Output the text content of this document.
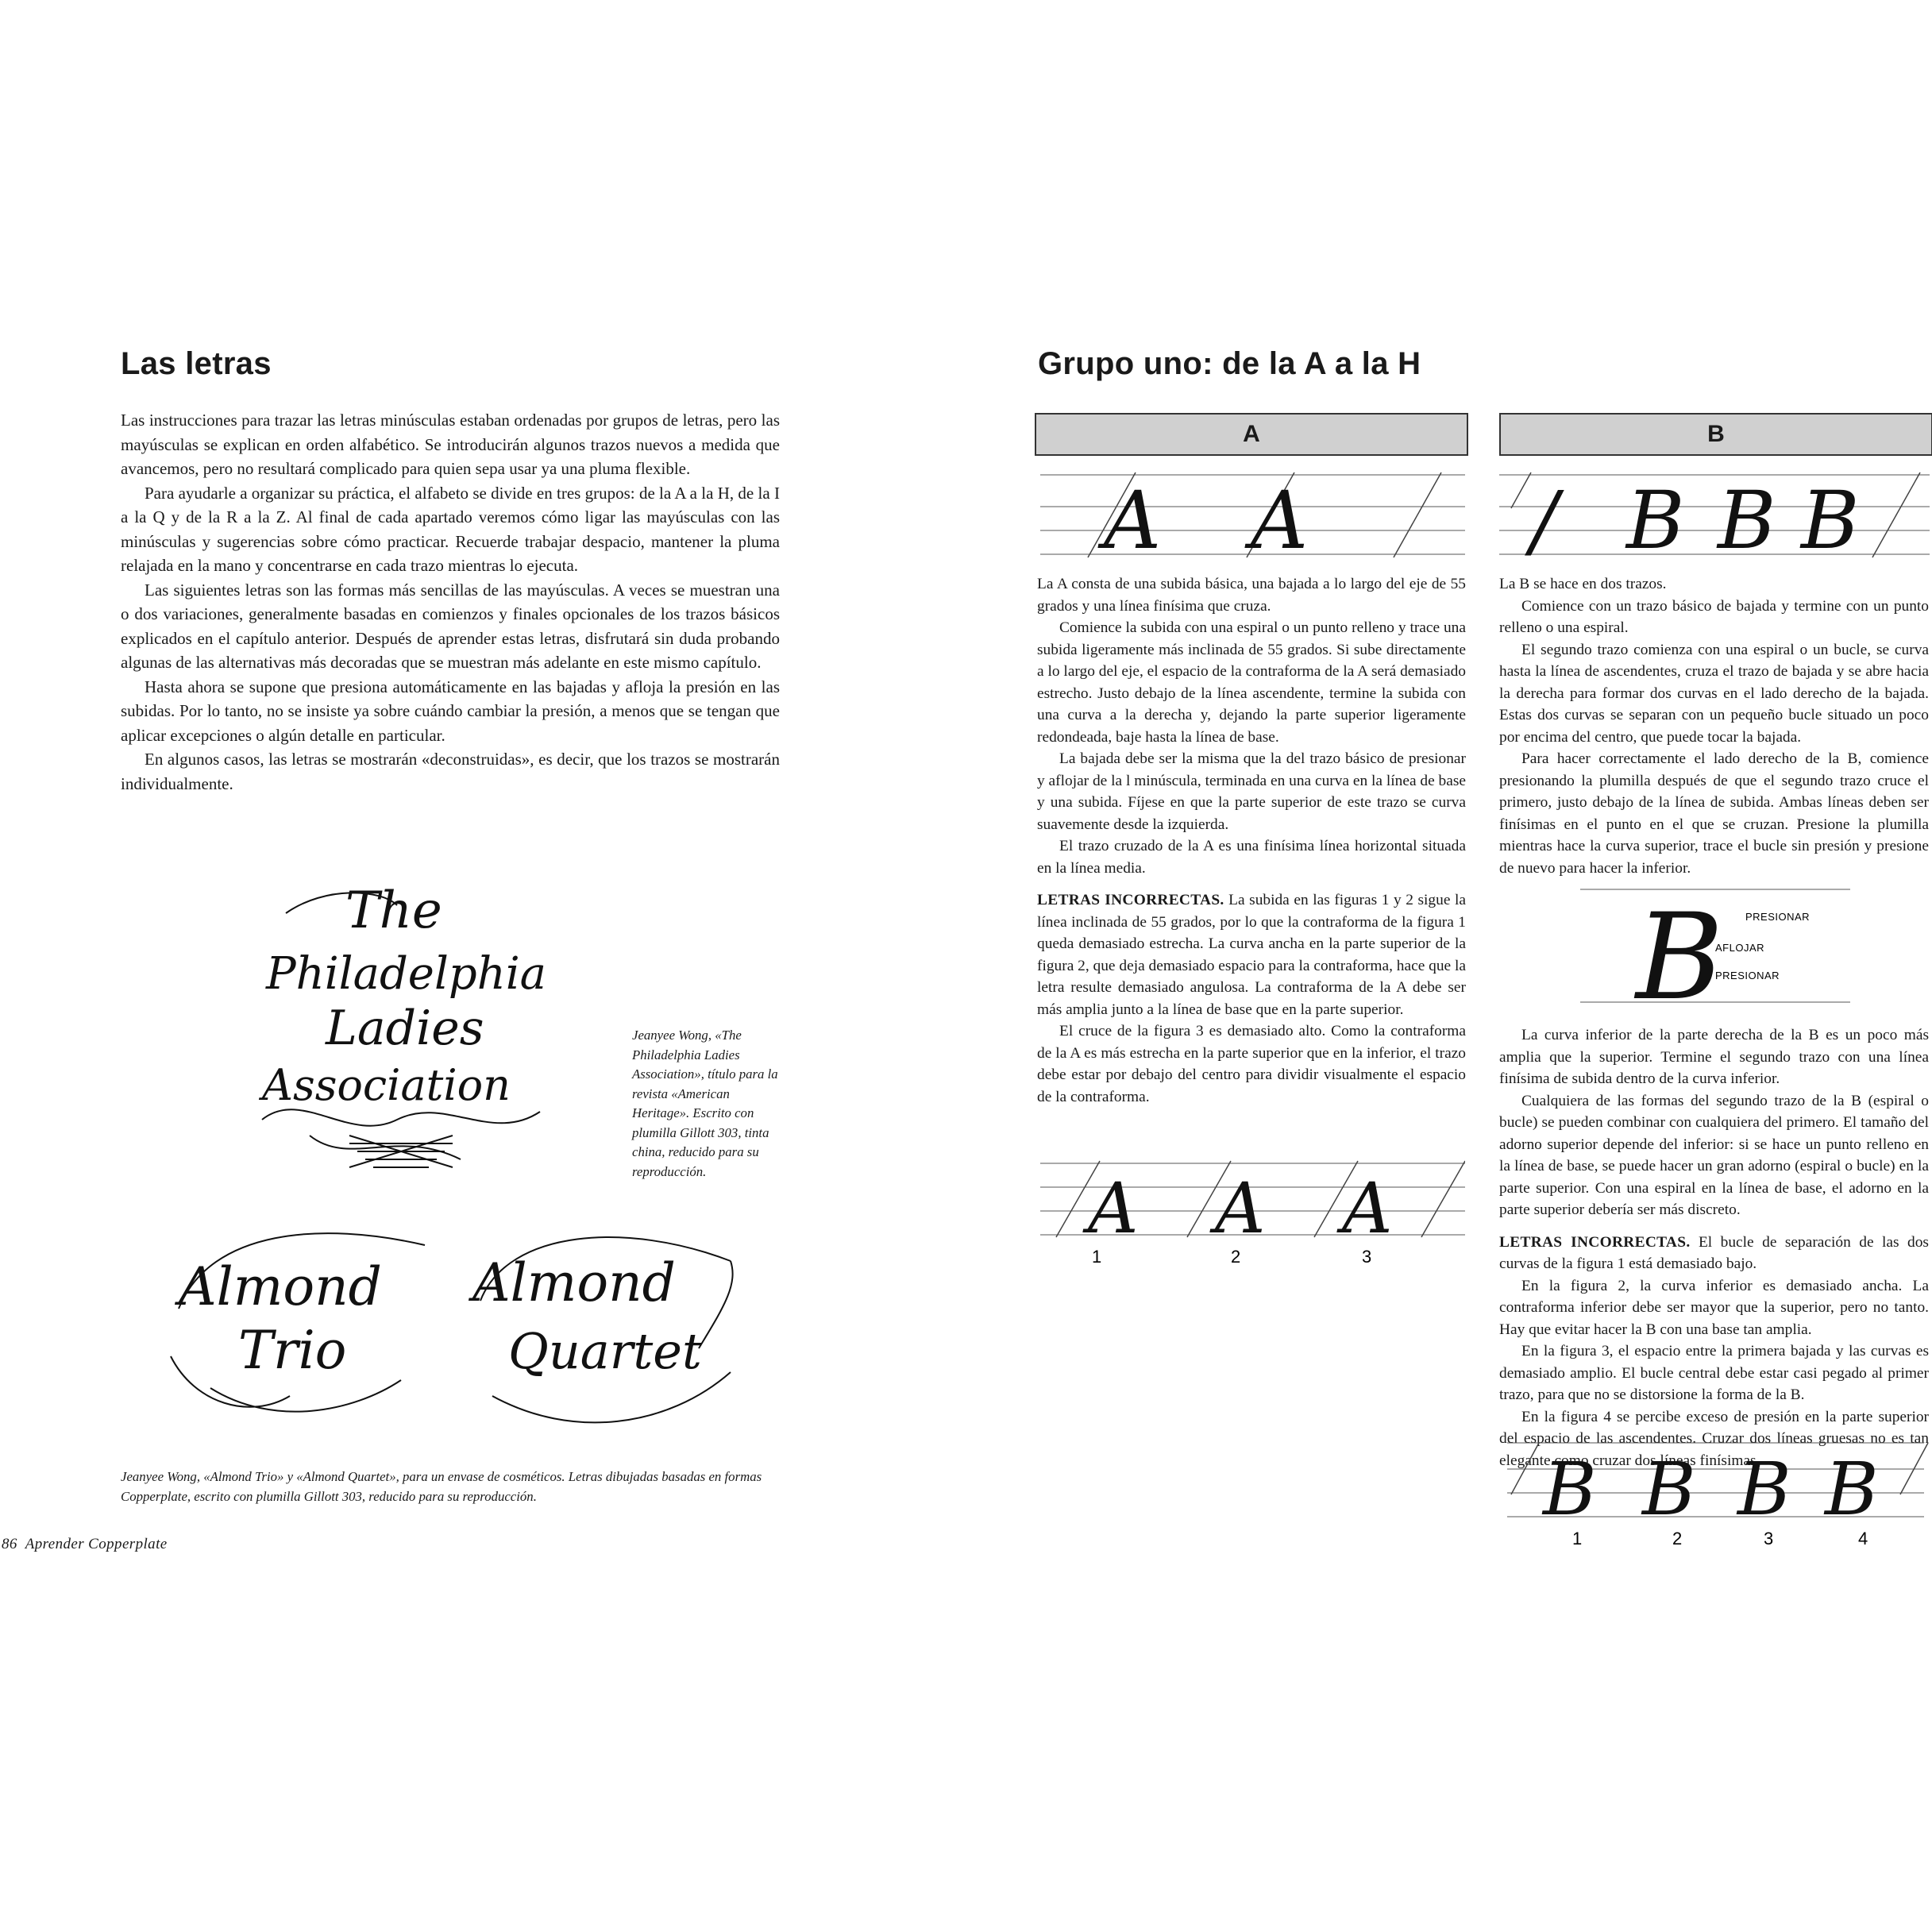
Las letras

Las instrucciones para trazar las letras minúsculas estaban ordenadas por grupos de letras, pero las mayúsculas se explican en orden alfabético. Se introducirán algunos trazos nuevos a medida que avancemos, pero no resultará complicado para quien sepa usar ya una pluma flexible.

Para ayudarle a organizar su práctica, el alfabeto se divide en tres grupos: de la A a la H, de la I a la Q y de la R a la Z. Al final de cada apartado veremos cómo ligar las mayúsculas con las minúsculas y sugerencias sobre cómo practicar. Recuerde trabajar despacio, mantener la pluma relajada en la mano y concentrarse en cada trazo mientras lo ejecuta.

Las siguientes letras son las formas más sencillas de las mayúsculas. A veces se muestran una o dos variaciones, generalmente basadas en comienzos y finales opcionales de los trazos básicos explicados en el capítulo anterior. Después de aprender estas letras, disfrutará sin duda probando algunas de las alternativas más decoradas que se muestran más adelante en este mismo capítulo.

Hasta ahora se supone que presiona automáticamente en las bajadas y afloja la presión en las subidas. Por lo tanto, no se insiste ya sobre cuándo cambiar la presión, a menos que se tengan que aplicar excepciones o algún detalle en particular.

En algunos casos, las letras se mostrarán «deconstruidas», es decir, que los trazos se mostrarán individualmente.

The
Philadelphia
Ladies
Association
Jeanyee Wong, «The Philadelphia Ladies Association», título para la revista «American Heritage». Escrito con plumilla Gillott 303, tinta china, reducido para su reproducción.
Almond
Trio
Almond
Quartet
Jeanyee Wong, «Almond Trio» y «Almond Quartet», para un envase de cosméticos. Letras dibujadas basadas en formas Copperplate, escrito con plumilla Gillott 303, reducido para su reproducción.
86 Aprender Copperplate
Grupo uno: de la A a la H
A
A A

La A consta de una subida básica, una bajada a lo largo del eje de 55 grados y una línea finísima que cruza.

Comience la subida con una espiral o un punto relleno y trace una subida ligeramente más inclinada de 55 grados. Si sube directamente a lo largo del eje, el espacio de la contraforma de la A será demasiado estrecho. Justo debajo de la línea ascendente, termine la subida con una curva a la derecha y, dejando la parte superior ligeramente redondeada, baje hasta la línea de base.

La bajada debe ser la misma que la del trazo básico de presionar y aflojar de la l minúscula, terminada en una curva en la línea de base y una subida. Fíjese en que la parte superior de este trazo se curva suavemente desde la izquierda.

El trazo cruzado de la A es una finísima línea horizontal situada en la línea media.

LETRAS INCORRECTAS. La subida en las figuras 1 y 2 sigue la línea inclinada de 55 grados, por lo que la contraforma de la figura 1 queda demasiado estrecha. La curva ancha en la parte superior de la figura 2, que deja demasiado espacio para la contraforma, hace que la letra resulte demasiado angulosa. La contraforma de la A debe ser más amplia junto a la línea de base que en la parte superior.

El cruce de la figura 3 es demasiado alto. Como la contraforma de la A es más estrecha en la parte superior que en la inferior, el trazo debe estar por debajo del centro para dividir visualmente el espacio de la contraforma.

A A A
1	2	3
B
/ B B B

La B se hace en dos trazos.

Comience con un trazo básico de bajada y termine con un punto relleno o una espiral.

El segundo trazo comienza con una espiral o un bucle, se curva hasta la línea de ascendentes, cruza el trazo de bajada y se abre hacia la derecha para formar dos curvas en el lado derecho de la bajada. Estas dos curvas se separan con un pequeño bucle situado un poco por encima del centro, que puede tocar la bajada.

Para hacer correctamente el lado derecho de la B, comience presionando la plumilla después de que el segundo trazo cruce el primero, justo debajo de la línea de subida. Ambas líneas deben ser finísimas en el punto en el que se cruzan. Presione la plumilla mientras hace la curva superior, trace el bucle sin presión y presione de nuevo para hacer la inferior.

B PRESIONAR
AFLOJAR
PRESIONAR

La curva inferior de la parte derecha de la B es un poco más amplia que la superior. Termine el segundo trazo con una línea finísima de subida dentro de la curva inferior.

Cualquiera de las formas del segundo trazo de la B (espiral o bucle) se pueden combinar con cualquiera del primero. El tamaño del adorno superior depende del inferior: si se hace un punto relleno en la línea de base, se puede hacer un gran adorno (espiral o bucle) en la parte superior. Con una espiral en la línea de base, el adorno en la parte superior debería ser más discreto.

LETRAS INCORRECTAS. El bucle de separación de las dos curvas de la figura 1 está demasiado bajo.

En la figura 2, la curva inferior es demasiado ancha. La contraforma inferior debe ser mayor que la superior, pero no tanto. Hay que evitar hacer la B con una base tan amplia.

En la figura 3, el espacio entre la primera bajada y las curvas es demasiado amplio. El bucle central debe estar casi pegado al primer trazo, para que no se distorsione la forma de la B.

En la figura 4 se percibe exceso de presión en la parte superior del espacio de las ascendentes. Cruzar dos líneas gruesas no es tan elegante como cruzar dos líneas finísimas.

B B B B
1	2	3	4
